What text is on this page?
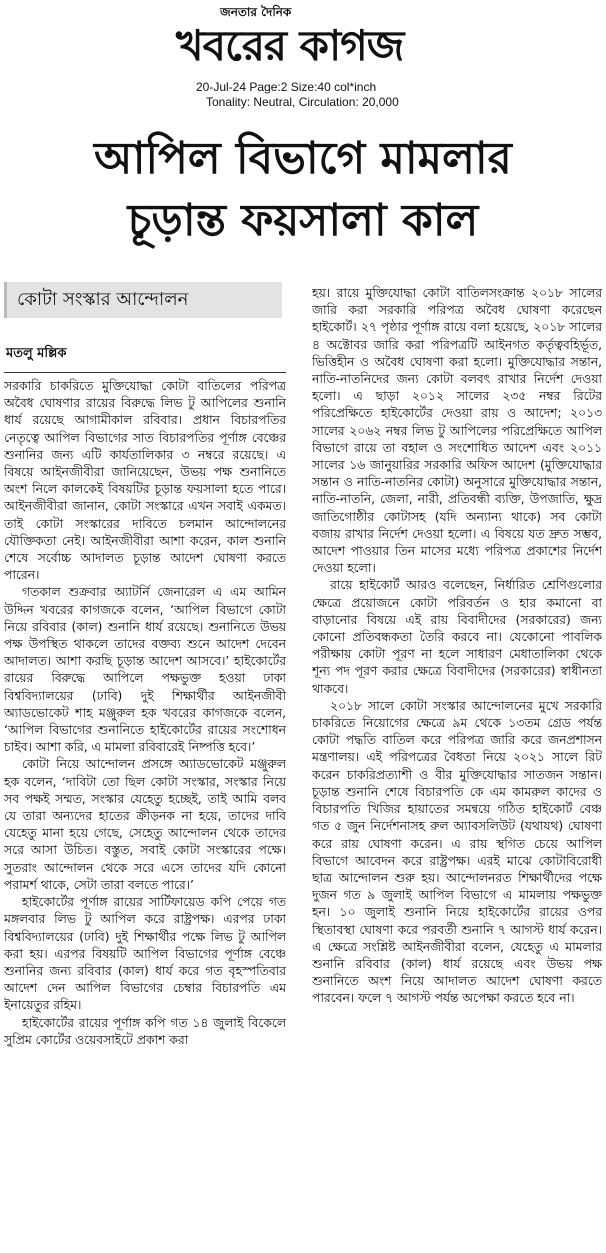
জনতার দৈনিক
খবরের কাগজ
20-Jul-24 Page:2 Size:40 col*inch
Tonality: Neutral, Circulation: 20,000
আপিল বিভাগে মামলার
চূড়ান্ত ফয়সালা কাল
কোটা সংস্কার আন্দোলন
মতলু মল্লিক

সরকারি চাকরিতে মুক্তিযোদ্ধা কোটা বাতিলের পরিপত্র অবৈধ ঘোষণার রায়ের বিরুদ্ধে লিভ টু আপিলের শুনানি ধার্য রয়েছে আগামীকাল রবিবার। প্রধান বিচারপতির নেতৃত্বে আপিল বিভাগের সাত বিচারপতির পূর্ণাঙ্গ বেঞ্চের শুনানির জন্য এটি কার্যতালিকার ৩ নম্বরে রয়েছে। এ বিষয়ে আইনজীবীরা জানিয়েছেন, উভয় পক্ষ শুনানিতে অংশ নিলে কালকেই বিষয়টির চূড়ান্ত ফয়সালা হতে পারে। আইনজীবীরা জানান, কোটা সংস্কারে এখন সবাই একমত। তাই কোটা সংস্কারের দাবিতে চলমান আন্দোলনের যৌক্তিকতা নেই। আইনজীবীরা আশা করেন, কাল শুনানি শেষে সর্বোচ্চ আদালত চূড়ান্ত আদেশ ঘোষণা করতে পারেন।

গতকাল শুক্রবার অ্যাটর্নি জেনারেল এ এম আমিন উদ্দিন খবরের কাগজকে বলেন, ‘আপিল বিভাগে কোটা নিয়ে রবিবার (কাল) শুনানি ধার্য রয়েছে। শুনানিতে উভয় পক্ষ উপস্থিত থাকলে তাদের বক্তব্য শুনে আদেশ দেবেন আদালত। আশা করছি চূড়ান্ত আদেশ আসবে।’ হাইকোর্টের রায়ের বিরুদ্ধে আপিলে পক্ষভুক্ত হওয়া ঢাকা বিশ্ববিদ্যালয়ের (ঢাবি) দুই শিক্ষার্থীর আইনজীবী অ্যাডভোকেট শাহ মঞ্জুরুল হক খবরের কাগজকে বলেন, ‘আপিল বিভাগের শুনানিতে হাইকোর্টের রায়ের সংশোধন চাইব। আশা করি, এ মামলা রবিবারেই নিষ্পত্তি হবে।’

কোটা নিয়ে আন্দোলন প্রসঙ্গে অ্যাডভোকেট মঞ্জুরুল হক বলেন, ‘দাবিটা তো ছিল কোটা সংস্কার, সংস্কার নিয়ে সব পক্ষই সম্মত, সংস্কার যেহেতু হচ্ছেই, তাই আমি বলব যে তারা অন্যদের হাতের ক্রীড়নক না হয়ে, তাদের দাবি যেহেতু মানা হয়ে গেছে, সেহেতু আন্দোলন থেকে তাদের সরে আসা উচিত। বস্তুত, সবাই কোটা সংস্কারের পক্ষে। সুতরাং আন্দোলন থেকে সরে এসে তাদের যদি কোনো পরামর্শ থাকে, সেটা তারা বলতে পারে।’

হাইকোর্টের পূর্ণাঙ্গ রায়ের সার্টিফায়েড কপি পেয়ে গত মঙ্গলবার লিভ টু আপিল করে রাষ্ট্রপক্ষ। এরপর ঢাকা বিশ্ববিদ্যালয়ের (ঢাবি) দুই শিক্ষার্থীর পক্ষে লিভ টু আপিল করা হয়। এরপর বিষয়টি আপিল বিভাগের পূর্ণাঙ্গ বেঞ্চে শুনানির জন্য রবিবার (কাল) ধার্য করে গত বৃহস্পতিবার আদেশ দেন আপিল বিভাগের চেম্বার বিচারপতি এম ইনায়েতুর রহিম।

হাইকোর্টের রায়ের পূর্ণাঙ্গ কপি গত ১৪ জুলাই বিকেলে সুপ্রিম কোর্টের ওয়েবসাইটে প্রকাশ করা

হয়। রায়ে মুক্তিযোদ্ধা কোটা বাতিলসংক্রান্ত ২০১৮ সালের জারি করা সরকারি পরিপত্র অবৈধ ঘোষণা করেছেন হাইকোর্ট। ২৭ পৃষ্ঠার পূর্ণাঙ্গ রায়ে বলা হয়েছে, ২০১৮ সালের ৪ অক্টোবর জারি করা পরিপত্রটি আইনগত কর্তৃত্ববহির্ভূত, ভিত্তিহীন ও অবৈধ ঘোষণা করা হলো। মুক্তিযোদ্ধার সন্তান, নাতি-নাতনিদের জন্য কোটা বলবৎ রাখার নির্দেশ দেওয়া হলো। এ ছাড়া ২০১২ সালের ২৩৫ নম্বর রিটের পরিপ্রেক্ষিতে হাইকোর্টের দেওয়া রায় ও আদেশ; ২০১৩ সালের ২০৬২ নম্বর লিভ টু আপিলের পরিপ্রেক্ষিতে আপিল বিভাগে রায়ে তা বহাল ও সংশোধিত আদেশ এবং ২০১১ সালের ১৬ জানুয়ারির সরকারি অফিস আদেশ (মুক্তিযোদ্ধার সন্তান ও নাতি-নাতনির কোটা) অনুসারে মুক্তিযোদ্ধার সন্তান, নাতি-নাতনি, জেলা, নারী, প্রতিবন্ধী ব্যক্তি, উপজাতি, ক্ষুদ্র জাতিগোষ্ঠীর কোটাসহ (যদি অন্যান্য থাকে) সব কোটা বজায় রাখার নির্দেশ দেওয়া হলো। এ বিষয়ে যত দ্রুত সম্ভব, আদেশ পাওয়ার তিন মাসের মধ্যে পরিপত্র প্রকাশের নির্দেশ দেওয়া হলো।

রায়ে হাইকোর্ট আরও বলেছেন, নির্ধারিত শ্রেণিগুলোর ক্ষেত্রে প্রয়োজনে কোটা পরিবর্তন ও হার কমানো বা বাড়ানোর বিষয়ে এই রায় বিবাদীদের (সরকারের) জন্য কোনো প্রতিবন্ধকতা তৈরি করবে না। যেকোনো পাবলিক পরীক্ষায় কোটা পূরণ না হলে সাধারণ মেধাতালিকা থেকে শূন্য পদ পূরণ করার ক্ষেত্রে বিবাদীদের (সরকারের) স্বাধীনতা থাকবে।

২০১৮ সালে কোটা সংস্কার আন্দোলনের মুখে সরকারি চাকরিতে নিয়োগের ক্ষেত্রে ৯ম থেকে ১৩তম গ্রেড পর্যন্ত কোটা পদ্ধতি বাতিল করে পরিপত্র জারি করে জনপ্রশাসন মন্ত্রণালয়। এই পরিপত্রের বৈধতা নিয়ে ২০২১ সালে রিট করেন চাকরিপ্রত্যাশী ও বীর মুক্তিযোদ্ধার সাতজন সন্তান। চূড়ান্ত শুনানি শেষে বিচারপতি কে এম কামরুল কাদের ও বিচারপতি খিজির হায়াতের সমন্বয়ে গঠিত হাইকোর্ট বেঞ্চ গত ৫ জুন নির্দেশনাসহ রুল অ্যাবসলিউট (যথাযথ) ঘোষণা করে রায় ঘোষণা করেন। এ রায় স্থগিত চেয়ে আপিল বিভাগে আবেদন করে রাষ্ট্রপক্ষ। এরই মাঝে কোটাবিরোধী ছাত্র আন্দোলন শুরু হয়। আন্দোলনরত শিক্ষার্থীদের পক্ষে দুজন গত ৯ জুলাই আপিল বিভাগে এ মামলায় পক্ষভুক্ত হন। ১০ জুলাই শুনানি নিয়ে হাইকোর্টের রায়ের ওপর স্থিতাবস্থা ঘোষণা করে পরবর্তী শুনানি ৭ আগস্ট ধার্য করেন। এ ক্ষেত্রে সংশ্লিষ্ট আইনজীবীরা বলেন, যেহেতু এ মামলার শুনানি রবিবার (কাল) ধার্য রয়েছে এবং উভয় পক্ষ শুনানিতে অংশ নিয়ে আদালত আদেশ ঘোষণা করতে পারবেন। ফলে ৭ আগস্ট পর্যন্ত অপেক্ষা করতে হবে না।
